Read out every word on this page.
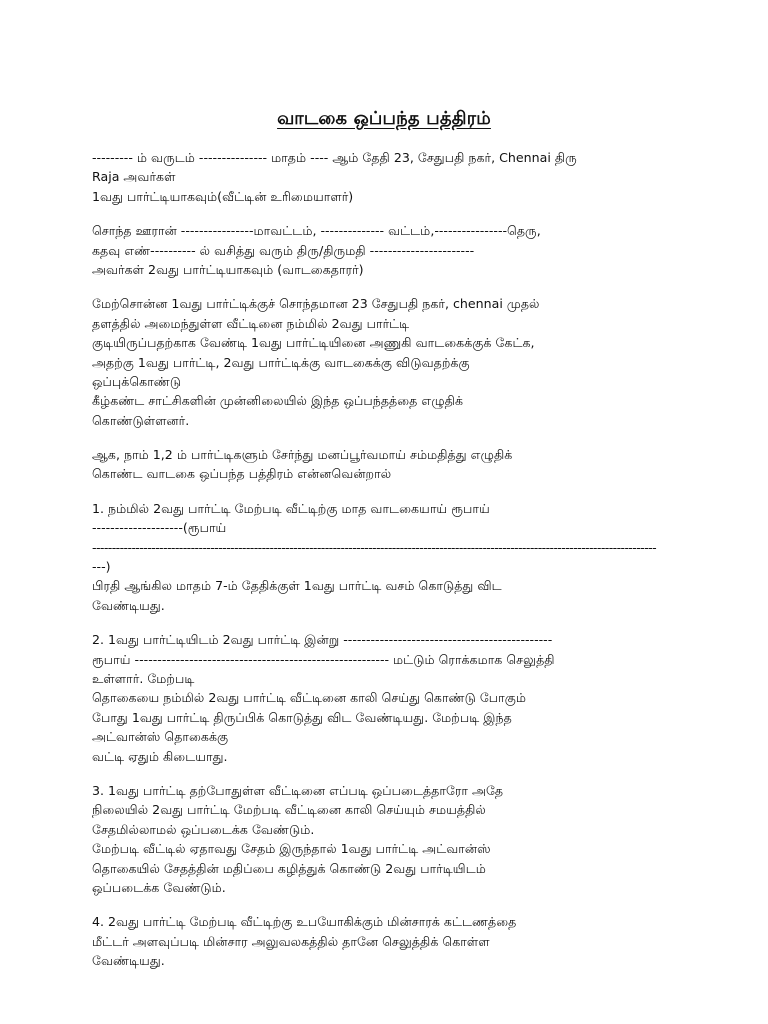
வாடகை ஒப்பந்த பத்திரம்
--------- ம் வருடம் --------------- மாதம் ---- ஆம் தேதி 23, சேதுபதி நகர், Chennai திரு
Raja அவர்கள்
1வது பார்ட்டியாகவும்(வீட்டின் உரிமையாளர்)
சொந்த ஊரான் ----------------மாவட்டம், -------------- வட்டம்,----------------தெரு,
கதவு எண்---------- ல் வசித்து வரும் திரு/திருமதி -----------------------
அவர்கள் 2வது பார்ட்டியாகவும் (வாடகைதாரர்)
மேற்சொன்ன 1வது பார்ட்டிக்குச் சொந்தமான 23 சேதுபதி நகர், chennai முதல்
தளத்தில் அமைந்துள்ள வீட்டினை நம்மில் 2வது பார்ட்டி
குடியிருப்பதற்காக வேண்டி 1வது பார்ட்டியினை அணுகி வாடகைக்குக் கேட்க,
அதற்கு 1வது பார்ட்டி, 2வது பார்ட்டிக்கு வாடகைக்கு விடுவதற்க்கு
ஒப்புக்கொண்டு
கீழ்கண்ட சாட்சிகளின் முன்னிலையில் இந்த ஒப்பந்தத்தை எழுதிக்
கொண்டுள்ளனர்.
ஆக, நாம் 1,2 ம் பார்ட்டிகளும் சேர்ந்து மனப்பூர்வமாய் சம்மதித்து எழுதிக்
கொண்ட வாடகை ஒப்பந்த பத்திரம் என்னவென்றால்
1. நம்மில் 2வது பார்ட்டி மேற்படி வீட்டிற்கு மாத வாடகையாய் ரூபாய்
--------------------(ரூபாய்
-----------------------------------------------------------------------------------------------------------------------------------------------
---)
பிரதி ஆங்கில மாதம் 7-ம் தேதிக்குள் 1வது பார்ட்டி வசம் கொடுத்து விட
வேண்டியது.
2. 1வது பார்ட்டியிடம் 2வது பார்ட்டி இன்று ----------------------------------------------
ரூபாய் -------------------------------------------------------- மட்டும் ரொக்கமாக செலுத்தி
உள்ளார். மேற்படி
தொகையை நம்மில் 2வது பார்ட்டி வீட்டினை காலி செய்து கொண்டு போகும்
போது 1வது பார்ட்டி திருப்பிக் கொடுத்து விட வேண்டியது. மேற்படி இந்த
அட்வான்ஸ் தொகைக்கு
வட்டி ஏதும் கிடையாது.
3. 1வது பார்ட்டி தற்போதுள்ள வீட்டினை எப்படி ஒப்படைத்தாரோ அதே
நிலையில் 2வது பார்ட்டி மேற்படி வீட்டினை காலி செய்யும் சமயத்தில்
சேதமில்லாமல் ஒப்படைக்க வேண்டும்.
மேற்படி வீட்டில் ஏதாவது சேதம் இருந்தால் 1வது பார்ட்டி அட்வான்ஸ்
தொகையில் சேதத்தின் மதிப்பை கழித்துக் கொண்டு 2வது பார்டியிடம்
ஒப்படைக்க வேண்டும்.
4. 2வது பார்ட்டி மேற்படி வீட்டிற்கு உபயோகிக்கும் மின்சாரக் கட்டணத்தை
மீட்டர் அளவுப்படி மின்சார அலுவலகத்தில் தானே செலுத்திக் கொள்ள
வேண்டியது.
